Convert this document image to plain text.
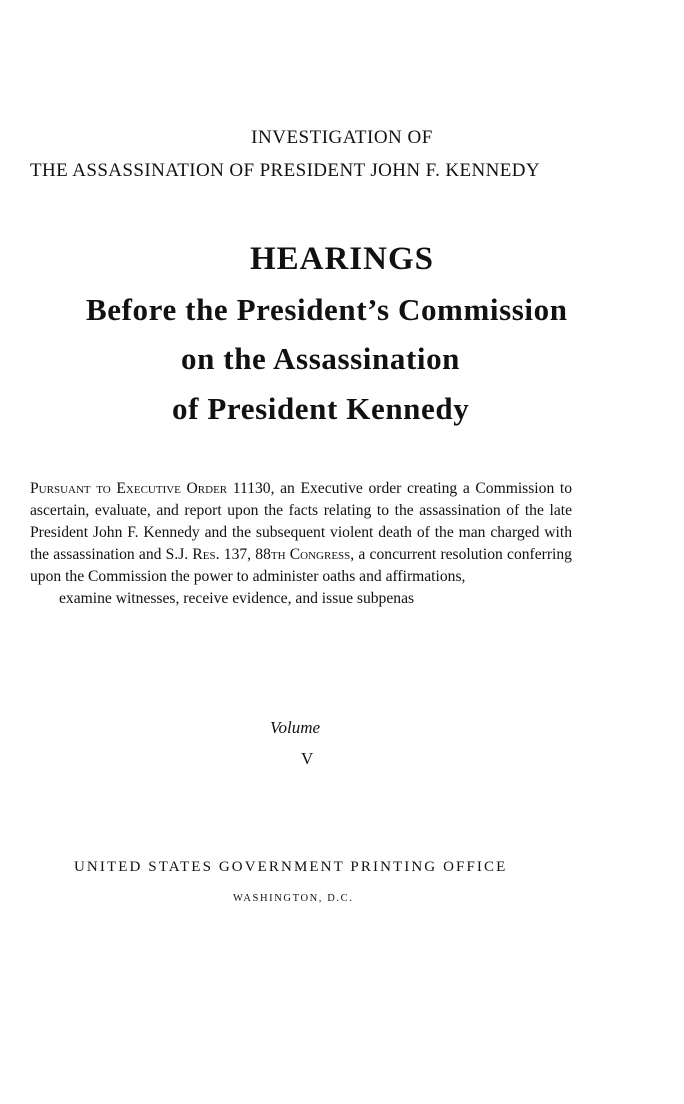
INVESTIGATION OF
THE ASSASSINATION OF PRESIDENT JOHN F. KENNEDY
HEARINGS
Before the President’s Commission
on the Assassination
of President Kennedy

Pursuant to Executive Order 11130, an Executive order creating a Commission to ascertain, evaluate, and report upon the facts relating to the assassination of the late President John F. Kennedy and the subsequent violent death of the man charged with the assassination and S.J. Res. 137, 88th Congress, a concurrent resolution conferring upon the Commission the power to administer oaths and affirmations,

examine witnesses, receive evidence, and issue subpenas

Volume
V
UNITED STATES GOVERNMENT PRINTING OFFICE
WASHINGTON, D.C.
